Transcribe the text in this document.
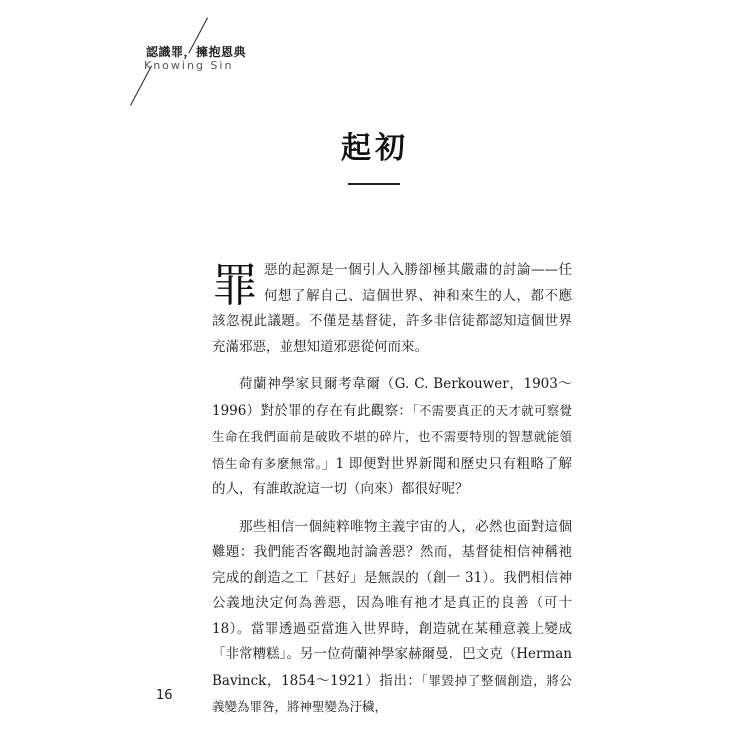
認識罪，擁抱恩典
Knowing Sin
起初

罪惡的起源是一個引人入勝卻極其嚴肅的討論——任何想了解自己、這個世界、神和來生的人，都不應該忽視此議題。不僅是基督徒，許多非信徒都認知這個世界充滿邪惡，並想知道邪惡從何而來。

荷蘭神學家貝爾考韋爾（G. C. Berkouwer，1903～1996）對於罪的存在有此觀察：「不需要真正的天才就可察覺生命在我們面前是破敗不堪的碎片，也不需要特別的智慧就能領悟生命有多麼無常。」1 即便對世界新聞和歷史只有粗略了解的人，有誰敢說這一切（向來）都很好呢？

那些相信一個純粹唯物主義宇宙的人，必然也面對這個難題：我們能否客觀地討論善惡？然而，基督徒相信神稱祂完成的創造之工「甚好」是無誤的（創一 31）。我們相信神公義地決定何為善惡，因為唯有祂才是真正的良善（可十 18）。當罪透過亞當進入世界時，創造就在某種意義上變成「非常糟糕」。另一位荷蘭神學家赫爾曼．巴文克（Herman Bavinck，1854～1921）指出：「罪毀掉了整個創造，將公義變為罪咎，將神聖變為汙穢，

16
